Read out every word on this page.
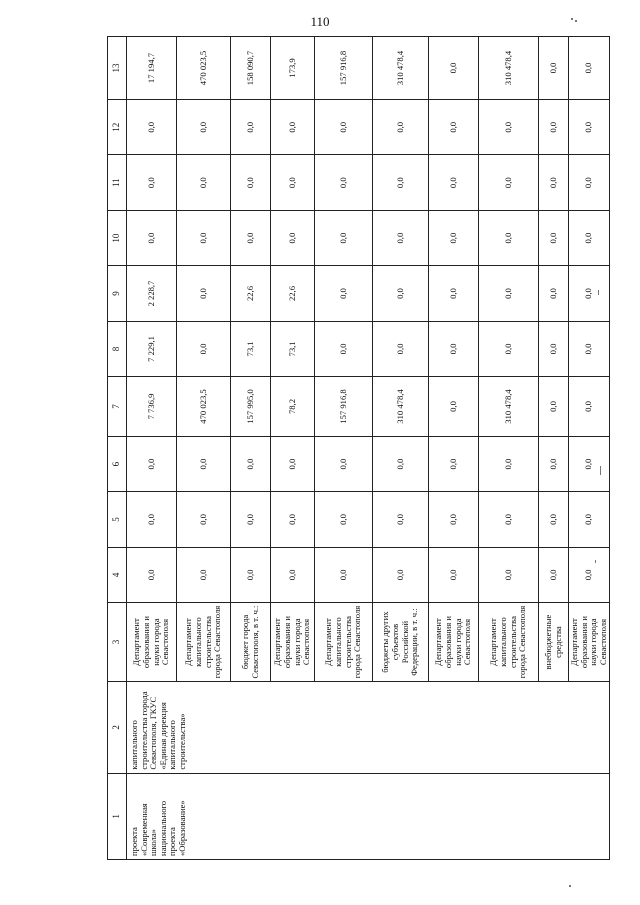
110
1	2	3	4	5	6	7	8	9	10	11	12	13
проекта «Современная школа» национального проекта «Образование»	капитального строительства города Севастополя, ГКУС «Единая дирекция капитального строительства»	Департамент образования и науки города Севастополя	0,0	0,0	0,0	7 736,9	7 229,1	2 228,7	0,0	0,0	0,0	17 194,7
		Департамент капитального строительства города Севастополя	0,0	0,0	0,0	470 023,5	0,0	0,0	0,0	0,0	0,0	470 023,5
		бюджет города Севастополя, в т. ч.:	0,0	0,0	0,0	157 995,0	73,1	22,6	0,0	0,0	0,0	158 090,7
		Департамент образования и науки города Севастополя	0,0	0,0	0,0	78,2	73,1	22,6	0,0	0,0	0,0	173,9
		Департамент капитального строительства города Севастополя	0,0	0,0	0,0	157 916,8	0,0	0,0	0,0	0,0	0,0	157 916,8
		бюджеты других субъектов Российской Федерации, в т. ч.:	0,0	0,0	0,0	310 478,4	0,0	0,0	0,0	0,0	0,0	310 478,4
		Департамент образования и науки города Севастополя	0,0	0,0	0,0	0,0	0,0	0,0	0,0	0,0	0,0	0,0
		Департамент капитального строительства города Севастополя	0,0	0,0	0,0	310 478,4	0,0	0,0	0,0	0,0	0,0	310 478,4
		внебюджетные средства	0,0	0,0	0,0	0,0	0,0	0,0	0,0	0,0	0,0	0,0
		Департамент образования и науки города Севастополя	0,0	0,0	0,0	0,0	0,0	0,0	0,0	0,0	0,0	0,0
